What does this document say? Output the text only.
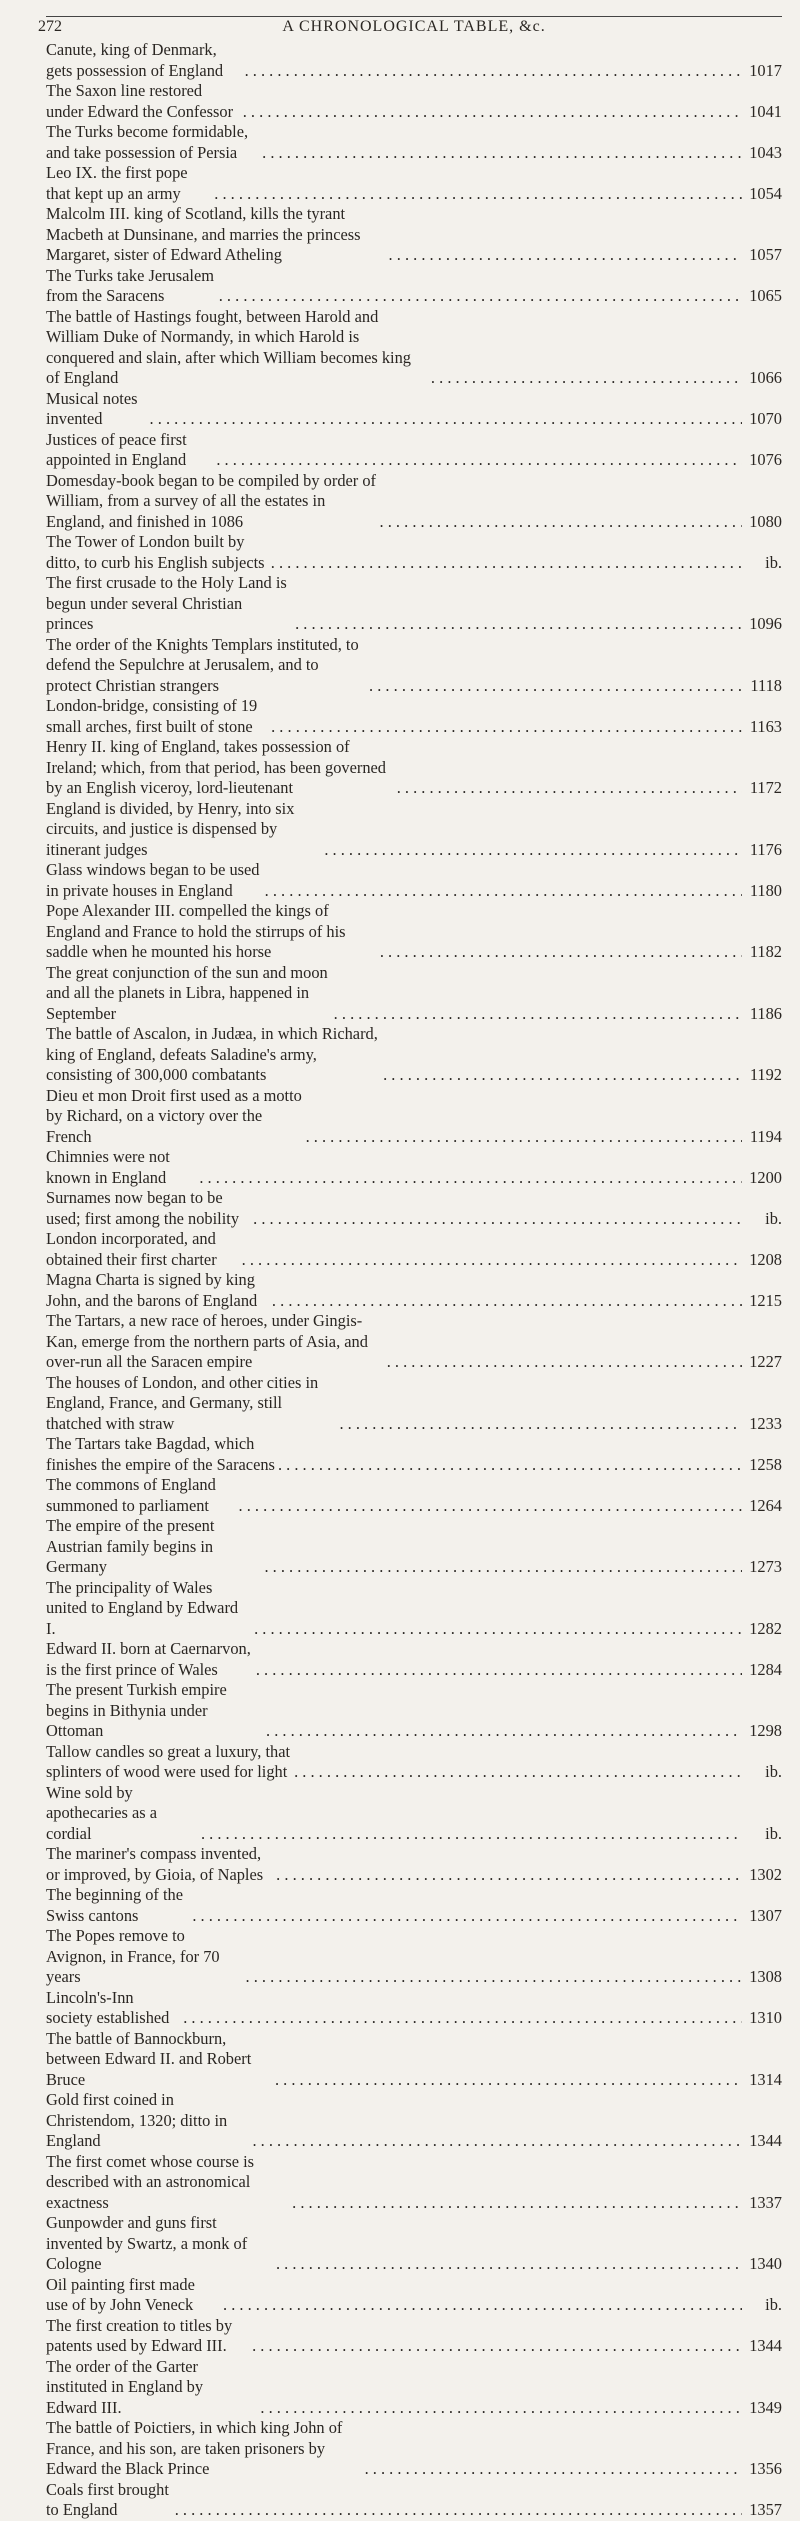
272	A CHRONOLOGICAL TABLE, &c.
Canute, king of Denmark, gets possession of England . . .	1017
The Saxon line restored under Edward the Confessor . . .	1041
The Turks become formidable, and take possession of Persia . . .	1043
Leo IX. the first pope that kept up an army . . .	1054
Malcolm III. king of Scotland, kills the tyrant Macbeth at Dunsinane, and marries the princess Margaret, sister of Edward Atheling . . .	1057
The Turks take Jerusalem from the Saracens . . .	1065
The battle of Hastings fought, between Harold and William Duke of Normandy, in which Harold is conquered and slain, after which William becomes king of England . . .	1066
Musical notes invented . . .	1070
Justices of peace first appointed in England . . .	1076
Domesday-book began to be compiled by order of William, from a survey of all the estates in England, and finished in 1086 . . .	1080
The Tower of London built by ditto, to curb his English subjects . . .	ib.
The first crusade to the Holy Land is begun under several Christian princes . . .	1096
The order of the Knights Templars instituted, to defend the Sepulchre at Jerusalem, and to protect Christian strangers . . .	1118
London-bridge, consisting of 19 small arches, first built of stone . . .	1163
Henry II. king of England, takes possession of Ireland; which, from that period, has been governed by an English viceroy, lord-lieutenant . . .	1172
England is divided, by Henry, into six circuits, and justice is dispensed by itinerant judges . . .	1176
Glass windows began to be used in private houses in England . . .	1180
Pope Alexander III. compelled the kings of England and France to hold the stirrups of his saddle when he mounted his horse . . .	1182
The great conjunction of the sun and moon and all the planets in Libra, happened in September . . .	1186
The battle of Ascalon, in Judæa, in which Richard, king of England, defeats Saladine's army, consisting of 300,000 combatants . . .	1192
Dieu et mon Droit first used as a motto by Richard, on a victory over the French . . .	1194
Chimnies were not known in England . . .	1200
Surnames now began to be used; first among the nobility . . .	ib.
London incorporated, and obtained their first charter . . .	1208
Magna Charta is signed by king John, and the barons of England . . .	1215
The Tartars, a new race of heroes, under Gingis-Kan, emerge from the northern parts of Asia, and over-run all the Saracen empire . . .	1227
The houses of London, and other cities in England, France, and Germany, still thatched with straw . . .	1233
The Tartars take Bagdad, which finishes the empire of the Saracens . . .	1258
The commons of England summoned to parliament . . .	1264
The empire of the present Austrian family begins in Germany . . .	1273
The principality of Wales united to England by Edward I. . . .	1282
Edward II. born at Caernarvon, is the first prince of Wales . . .	1284
The present Turkish empire begins in Bithynia under Ottoman . . .	1298
Tallow candles so great a luxury, that splinters of wood were used for light . . .	ib.
Wine sold by apothecaries as a cordial . . .	ib.
The mariner's compass invented, or improved, by Gioia, of Naples . . .	1302
The beginning of the Swiss cantons . . .	1307
The Popes remove to Avignon, in France, for 70 years . . .	1308
Lincoln's-Inn society established . . .	1310
The battle of Bannockburn, between Edward II. and Robert Bruce . . .	1314
Gold first coined in Christendom, 1320; ditto in England . . .	1344
The first comet whose course is described with an astronomical exactness . . .	1337
Gunpowder and guns first invented by Swartz, a monk of Cologne . . .	1340
Oil painting first made use of by John Veneck . . .	ib.
The first creation to titles by patents used by Edward III. . . .	1344
The order of the Garter instituted in England by Edward III. . . .	1349
The battle of Poictiers, in which king John of France, and his son, are taken prisoners by Edward the Black Prince . . .	1356
Coals first brought to England . . .	1357
